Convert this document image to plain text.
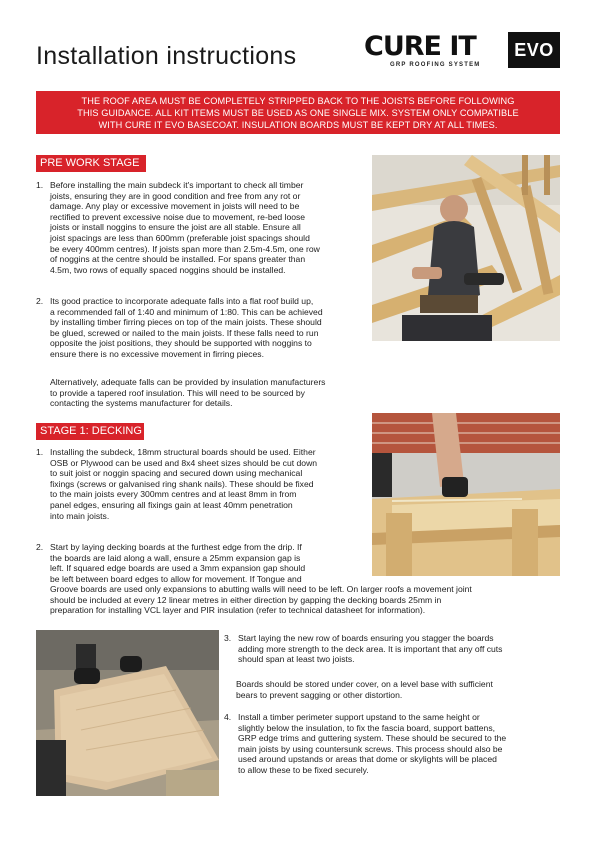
Installation instructions	CURE IT
GRP ROOFING SYSTEM
EVO
THE ROOF AREA MUST BE COMPLETELY STRIPPED BACK TO THE JOISTS BEFORE FOLLOWING
THIS GUIDANCE. ALL KIT ITEMS MUST BE USED AS ONE SINGLE MIX. SYSTEM ONLY COMPATIBLE
WITH CURE IT EVO BASECOAT. INSULATION BOARDS MUST BE KEPT DRY AT ALL TIMES.
PRE WORK STAGE
1. Before installing the main subdeck it's important to check all timber
joists, ensuring they are in good condition and free from any rot or
damage. Any play or excessive movement in joists will need to be
rectified to prevent excessive noise due to movement, re-bed loose
joists or install noggins to ensure the joist are all stable. Ensure all
joist spacings are less than 600mm (preferable joist spacings should
be every 400mm centres). If joists span more than 2.5m-4.5m, one row
of noggins at the centre should be installed. For spans greater than
4.5m, two rows of equally spaced noggins should be installed.
2. Its good practice to incorporate adequate falls into a flat roof build up,
a recommended fall of 1:40 and minimum of 1:80. This can be achieved
by installing timber firring pieces on top of the main joists. These should
be glued, screwed or nailed to the main joists. If these falls need to run
opposite the joist positions, they should be supported with noggins to
ensure there is no excessive movement in firring pieces.
Alternatively, adequate falls can be provided by insulation manufacturers
to provide a tapered roof insulation. This will need to be sourced by
contacting the systems manufacturer for details.
STAGE 1: DECKING
1. Installing the subdeck, 18mm structural boards should be used. Either
OSB or Plywood can be used and 8x4 sheet sizes should be cut down
to suit joist or noggin spacing and secured down using mechanical
fixings (screws or galvanised ring shank nails). These should be fixed
to the main joists every 300mm centres and at least 8mm in from
panel edges, ensuring all fixings gain at least 40mm penetration
into main joists.
2. Start by laying decking boards at the furthest edge from the drip. If
the boards are laid along a wall, ensure a 25mm expansion gap is
left. If squared edge boards are used a 3mm expansion gap should
be left between board edges to allow for movement. If Tongue and
Groove boards are used only expansions to abutting walls will need to be left. On larger roofs a movement joint
should be included at every 12 linear metres in either direction by gapping the decking boards 25mm in
preparation for installing VCL layer and PIR insulation (refer to technical datasheet for information).
3. Start laying the new row of boards ensuring you stagger the boards
adding more strength to the deck area. It is important that any off cuts
should span at least two joists.
Boards should be stored under cover, on a level base with sufficient
bears to prevent sagging or other distortion.
4. Install a timber perimeter support upstand to the same height or
slightly below the insulation, to fix the fascia board, support battens,
GRP edge trims and guttering system. These should be secured to the
main joists by using countersunk screws. This process should also be
used around upstands or areas that dome or skylights will be placed
to allow these to be fixed securely.
